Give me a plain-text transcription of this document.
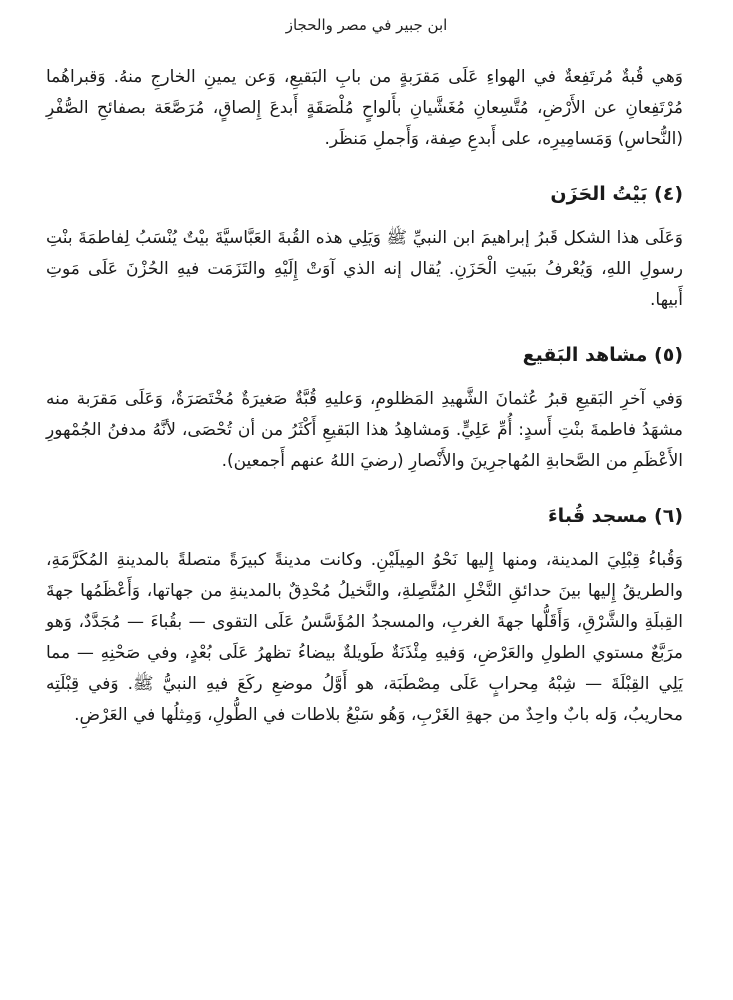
ابن جبير في مصر والحجاز

وَهي قُبةٌ مُرتَفِعةٌ في الهواءِ عَلَى مَقرَبةٍ من بابِ البَقيعِ، وَعن يمينِ الخارجِ منهُ. وَقبراهُما مُرْتَفِعانِ عن الأَرْضِ، مُتَّسِعانِ مُغَشَّيانِ بأَلواحٍ مُلْصَقَةٍ أَبدعَ إِلصاقٍ، مُرَصَّعَة بصفائحِ الصُّفْرِ (النُّحاسِ) وَمَسامِيرِه، على أَبدعِ صِفة، وَأَجملِ مَنظَر.

(٤) بَيْتُ الحَزَن

وَعَلَى هذا الشكل قَبرُ إبراهيمَ ابن النبيِّ ﷺ وَيَلِي هذه القُبةَ العَبَّاسيَّةَ بيْتٌ يُنْسَبُ لِفاطمَةَ بنْتِ رسولِ اللهِ، وَيُعْرفُ ببَيتِ الْحَزَنِ. يُقال إنه الذي آوَتْ إِلَيْهِ والتَزَمَت فيهِ الحُزْنَ عَلَى مَوتِ أَبيها.

(٥) مشاهد البَقيع

وَفي آخرِ البَقيعِ قبرُ عُثمانَ الشَّهيدِ المَظلومِ، وَعليهِ قُبَّةٌ صَغيرَةٌ مُخْتَصَرَةٌ، وَعَلَى مَقرَبة منه مشهَدُ فاطمةَ بنْتِ أَسدٍ: أُمِّ عَلِيٍّ. وَمشاهِدُ هذا البَقيعِ أَكْثَرُ من أن تُحْصَى، لأنَّهُ مدفنُ الجُمْهورِ الأَعْظَمِ من الصَّحابةِ المُهاجرِينَ والأَنْصارِ (رضيَ اللهُ عنهم أَجمعين).

(٦) مسجد قُباءَ

وَقُباءُ قِبْلِيَ المدينة، ومنها إِليها نَحْوُ المِيلَيْنِ. وكانت مدينةً كبيرَةً متصلةً بالمدينةِ المُكَرَّمَةِ، والطريقُ إِليها بينَ حدائقِ النَّخْلِ المُتَّصِلةِ، والنَّخيلُ مُحْدِقٌ بالمدينةِ من جهاتها، وَأَعْظَمُها جهةَ القِبلَةِ والشَّرْقِ، وَأَقَلُّها جهةَ الغربِ، والمسجدُ المُؤَسَّسُ عَلَى التقوى — بقُباءَ — مُجَدَّدٌ، وَهو مرَبَّعٌ مستوي الطولِ والعَرْضِ، وَفيهِ مِئْذَنَةٌ طَويلةٌ بيضاءُ تظهرُ عَلَى بُعْدٍ، وفي صَحْنِهِ — مما يَلِي القِبْلَةَ — شِبْهُ مِحرابٍ عَلَى مِصْطَبَة، هو أَوَّلُ موضعِ ركَعَ فيهِ النبيُّ ﷺ. وَفي قِبْلَتِه محاريبُ، وَله بابٌ واحِدٌ من جهةِ الغَرْبِ، وَهُو سَبْعُ بلاطات في الطُّولِ، وَمِثلُها في العَرْضِ.
